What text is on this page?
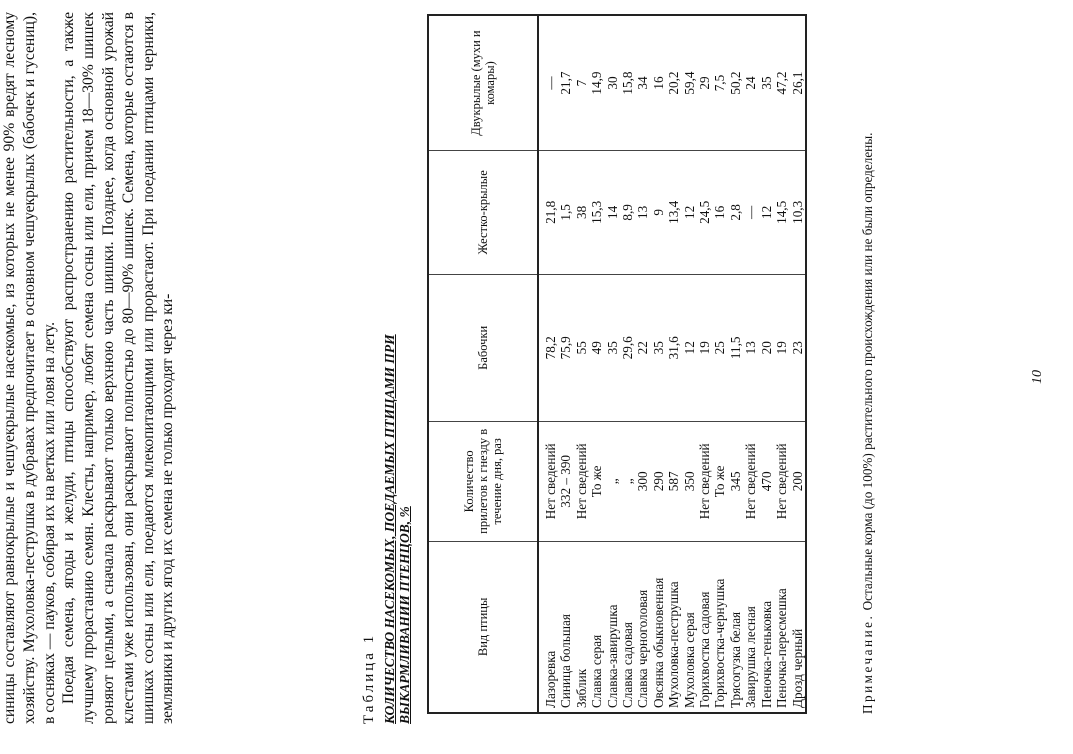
синицы составляют равнокрылые и чешуекрылые насекомые, из которых не менее 90% вредят лесному хозяйству. Мухоловка-пеструшка в дубравах предпочитает в основном чешуекрылых (бабочек и гусениц), в сосняках — пауков, собирая их на ветках или ловя на лету. Поедая семена, ягоды и желуди, птицы способствуют распространению растительности, а также лучшему прорастанию семян. Клесты, например, любят семена сосны или ели, причем 18—30% шишек роняют целыми, а сначала раскрывают только верхнюю часть шишки. Позднее, когда основной урожай клестами уже использован, они раскрывают полностью до 80—90% шишек. Семена, которые остаются в шишках сосны или ели, поедаются млекопитающими или прорастают. При поедании птицами черники, земляники и других ягод их семена не только проходят через ки-	Таблица 1 КОЛИЧЕСТВО НАСЕКОМЫХ, ПОЕДАЕМЫХ ПТИЦАМИ ПРИ ВЫКАРМЛИВАНИИ ПТЕНЦОВ, %	Вид птицы	Количество прилетов к гнезду в течение дня, раз	Бабочки	Жестко-крылые	Двукрылые (мухи и комары)
Лазоревка	Нет сведений	78,2	21,8	—
Синица большая	332 – 390	75,9	1,5	21,7
Зяблик	Нет сведений	55	38	7
Славка серая	То же	49	15,3	14,9
Славка-завирушка	„	35	14	30
Славка садовая	„	29,6	8,9	15,8
Славка черноголовая	300	22	13	34
Овсянка обыкновенная	290	35	9	16
Мухоловка-пеструшка	587	31,6	13,4	20,2
Мухоловка серая	350	12	12	59,4
Горихвостка садовая	Нет сведений	19	24,5	29
Горихвостка-чернушка	То же	25	16	7,5
Трясогузка белая	345	11,5	2,8	50,2
Завирушка лесная	Нет сведений	13	—	24
Пеночка-теньковка	470	20	12	35
Пеночка-пересмешка	Нет сведений	19	14,5	47,2
Дрозд черный	200	23	10,3	26,1

Примечание. Остальные корма (до 100%) растительного происхождения или не были определены.	10
